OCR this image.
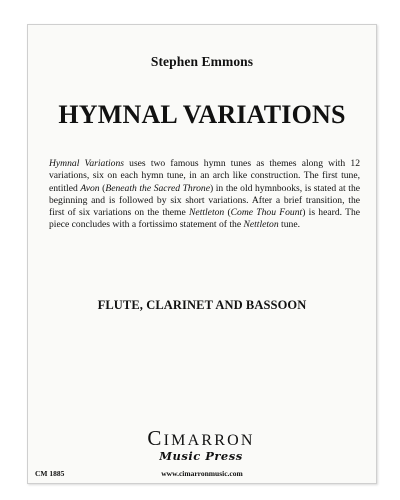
Stephen Emmons
HYMNAL VARIATIONS
Hymnal Variations uses two famous hymn tunes as themes along with 12 variations, six on each hymn tune, in an arch like construction. The first tune, entitled Avon (Beneath the Sacred Throne) in the old hymnbooks, is stated at the beginning and is followed by six short variations. After a brief transition, the first of six variations on the theme Nettleton (Come Thou Fount) is heard. The piece concludes with a fortissimo statement of the Nettleton tune.
FLUTE, CLARINET AND BASSOON
CIMARRON
Music Press
CM 1885	www.cimarronmusic.com
